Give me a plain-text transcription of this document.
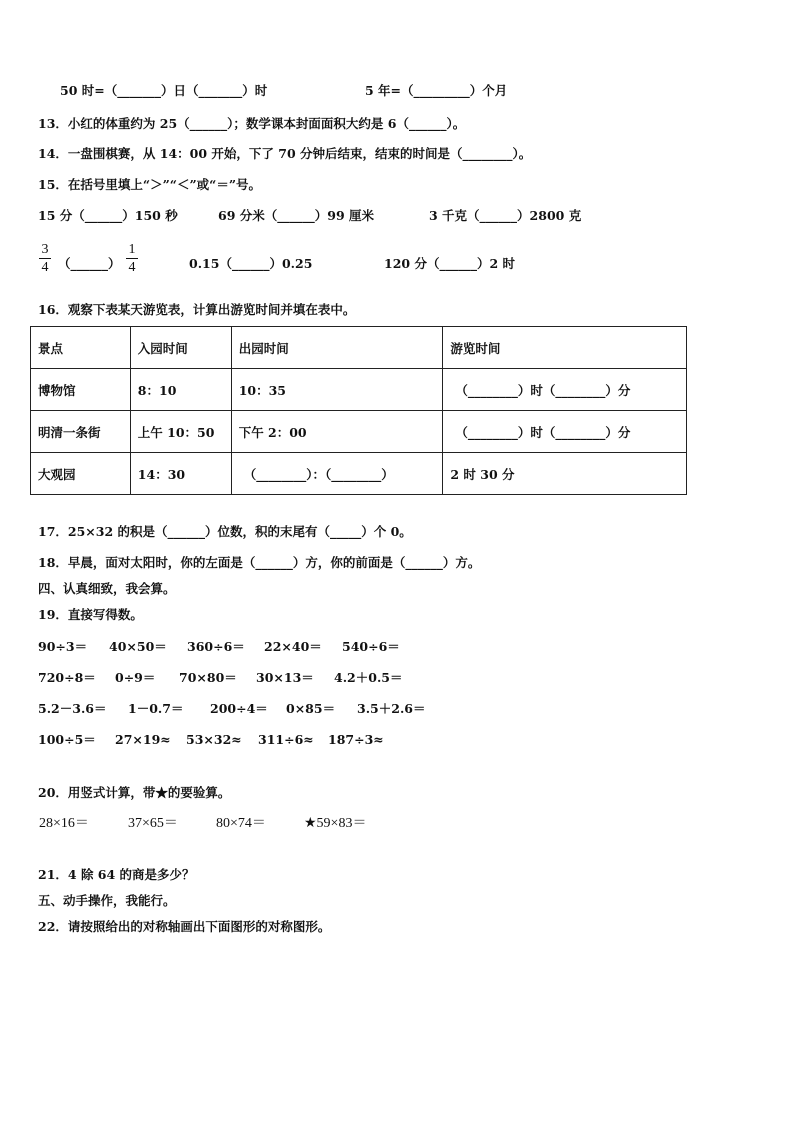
50 时=（_______）日（_______）时	5 年=（_________）个月
13．小红的体重约为 25（______）；数学课本封面面积大约是 6（______）。
14．一盘围棋赛，从 14：00 开始，下了 70 分钟后结束，结束的时间是（________）。
15．在括号里填上“＞”“＜”或“＝”号。
15 分（______）150 秒	69 分米（______）99 厘米	3 千克（______）2800 克
3
4 （______）
1
4	0.15（______）0.25	120 分（______）2 时
16．观察下表某天游览表，计算出游览时间并填在表中。
景点	入园时间	出园时间	游览时间
博物馆	8：10	10：35	（________）时（________）分
明清一条街	上午 10：50	下午 2：00	（________）时（________）分
大观园	14：30	（________）：（________）	2 时 30 分
17．25×32 的积是（______）位数，积的末尾有（_____）个 0。
18．早晨，面对太阳时，你的左面是（______）方，你的前面是（______）方。
四、认真细致，我会算。
19．直接写得数。
90÷3＝ 40×50＝ 360÷6＝ 22×40＝ 540÷6＝
720÷8＝ 0÷9＝ 70×80＝ 30×13＝ 4.2＋0.5＝
5.2－3.6＝ 1－0.7＝ 200÷4＝ 0×85＝ 3.5＋2.6＝
100÷5＝ 27×19≈ 53×32≈ 311÷6≈ 187÷3≈
20．用竖式计算，带★的要验算。
28×16＝	37×65＝	80×74＝	★59×83＝
21．4 除 64 的商是多少？
五、动手操作，我能行。
22．请按照给出的对称轴画出下面图形的对称图形。
